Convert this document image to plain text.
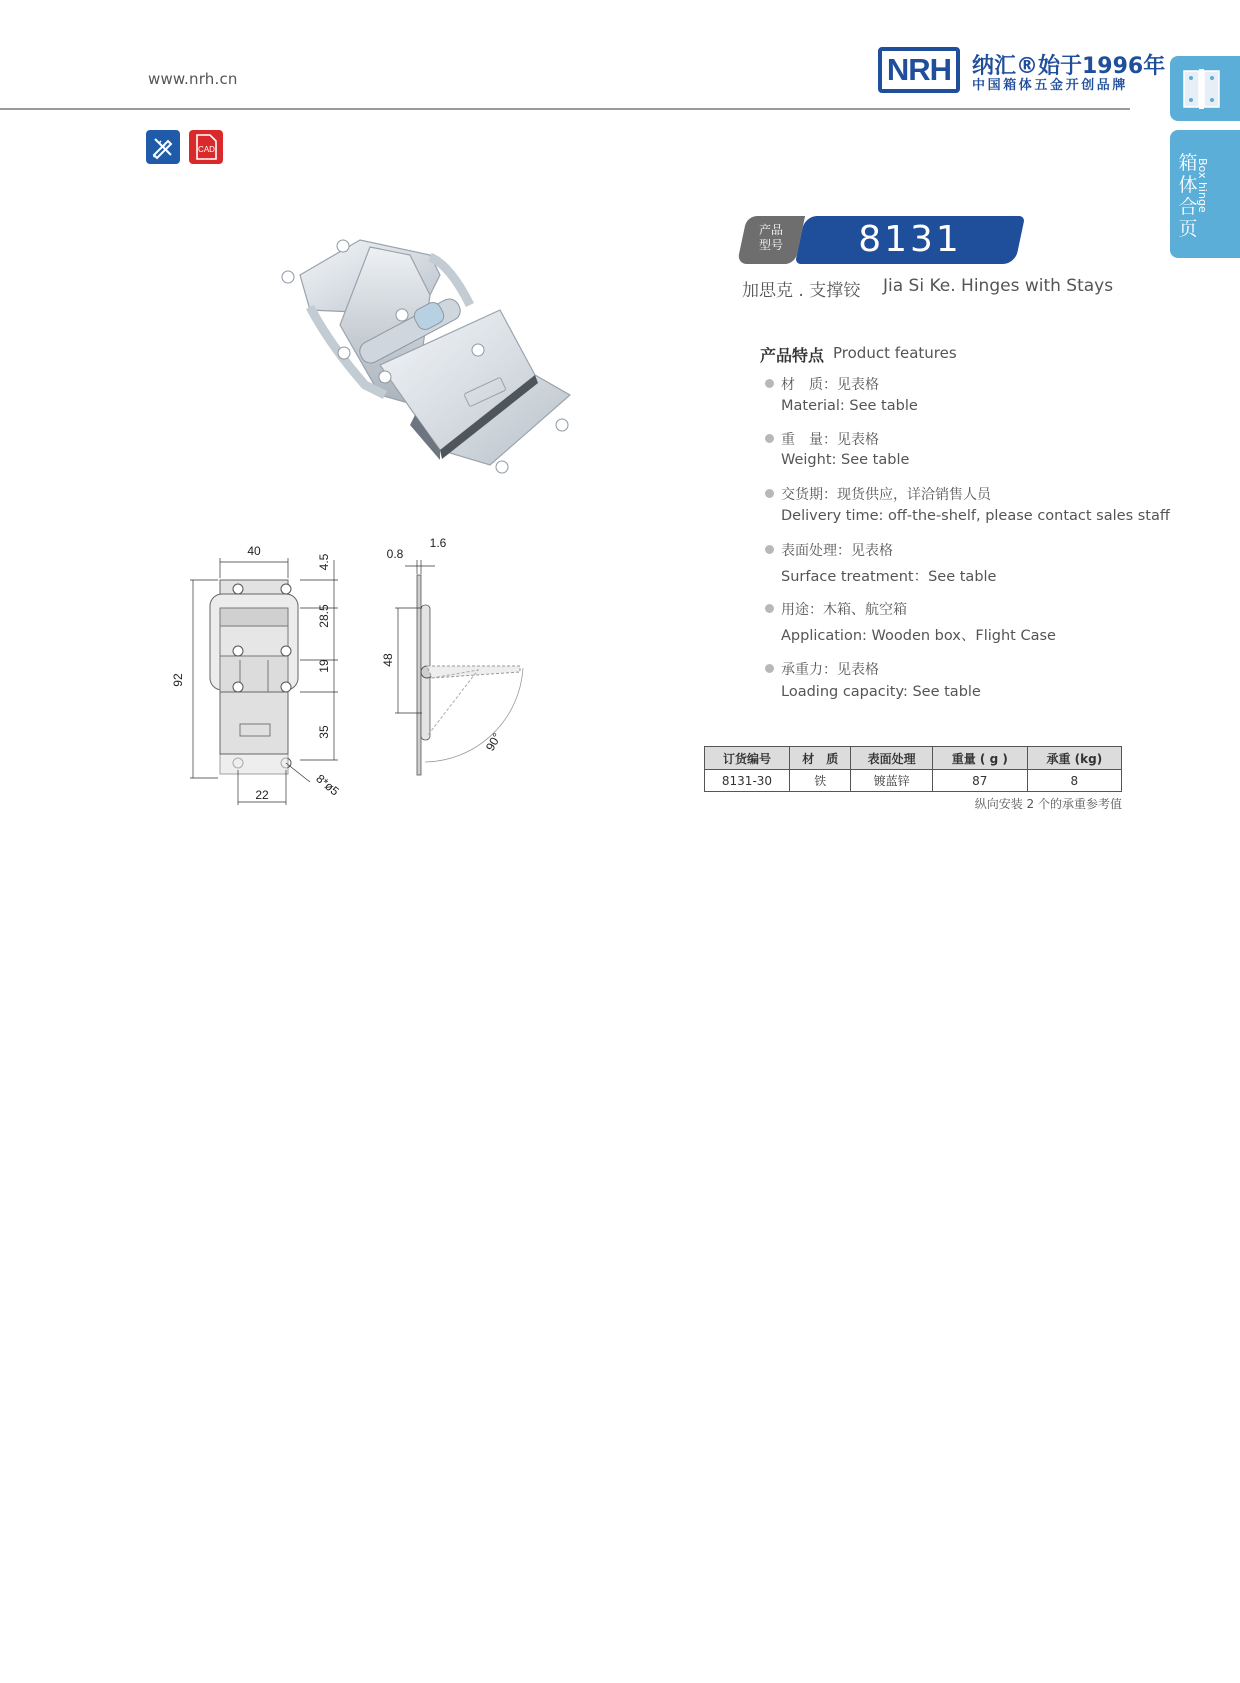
www.nrh.cn	NRH 纳汇®始于1996年
中国箱体五金开创品牌
箱体合页
Box hinge
CAD
40
92
4.5
28.5
19
35
22	8*ø5
90°
48
0.8
1.6
产品型号	8131
加思克 . 支撑铰 Jia Si Ke. Hinges with Stays
产品特点 Product features
材　质：见表格
Material: See table
重　量：见表格
Weight: See table
交货期：现货供应，详洽销售人员
Delivery time: off-the-shelf, please contact sales staff
表面处理：见表格
Surface treatment：See table
用途：木箱、航空箱
Application: Wooden box、Flight Case
承重力：见表格
Loading capacity: See table
订货编号	材　质	表面处理	重量 ( g )	承重 (kg)
8131-30	铁	镀蓝锌	87	8
纵向安装 2 个的承重参考值
